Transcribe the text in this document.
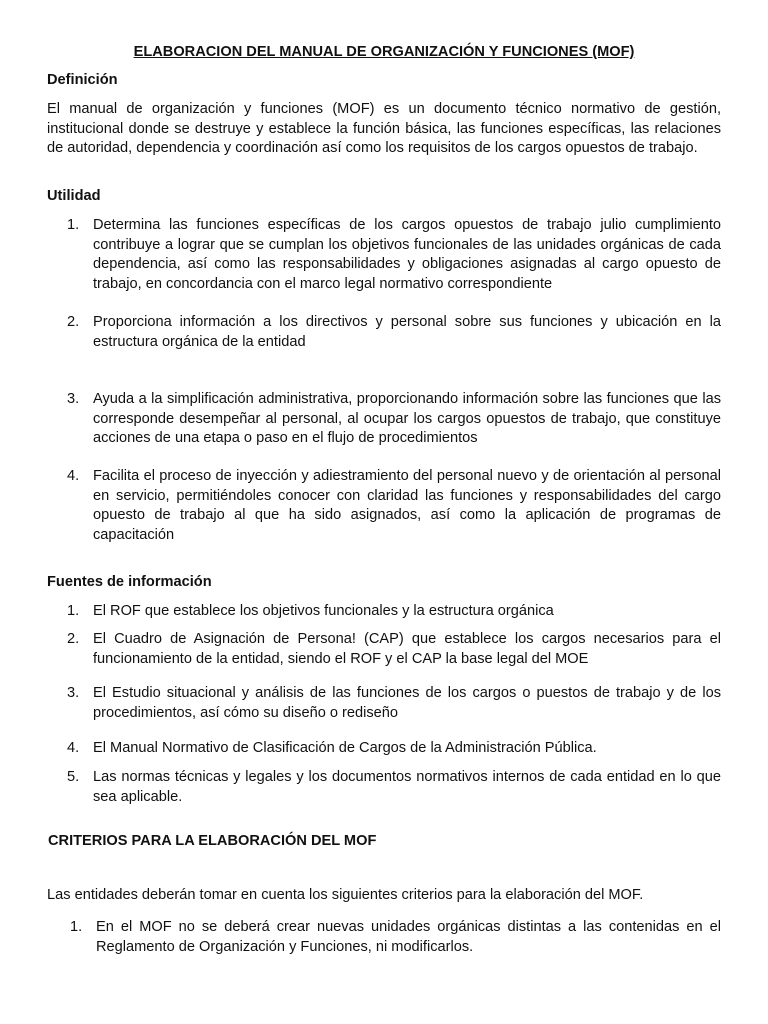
ELABORACION DEL MANUAL DE ORGANIZACIÓN Y FUNCIONES (MOF)
Definición

El manual de organización y funciones (MOF) es un documento técnico normativo de gestión, institucional donde se destruye y establece la función básica, las funciones específicas, las relaciones de autoridad, dependencia y coordinación así como los requisitos de los cargos opuestos de trabajo.

Utilidad
1. Determina las funciones específicas de los cargos opuestos de trabajo julio cumplimiento contribuye a lograr que se cumplan los objetivos funcionales de las unidades orgánicas de cada dependencia, así como las responsabilidades y obligaciones asignadas al cargo opuesto de trabajo, en concordancia con el marco legal normativo correspondiente
2. Proporciona información a los directivos y personal sobre sus funciones y ubicación en la estructura orgánica de la entidad
3. Ayuda a la simplificación administrativa, proporcionando información sobre las funciones que las corresponde desempeñar al personal, al ocupar los cargos opuestos de trabajo, que constituye acciones de una etapa o paso en el flujo de procedimientos
4. Facilita el proceso de inyección y adiestramiento del personal nuevo y de orientación al personal en servicio, permitiéndoles conocer con claridad las funciones y responsabilidades del cargo opuesto de trabajo al que ha sido asignados, así como la aplicación de programas de capacitación
Fuentes de información
1. El ROF que establece los objetivos funcionales y la estructura orgánica
2. El Cuadro de Asignación de Persona! (CAP) que establece los cargos necesarios para el funcionamiento de la entidad, siendo el ROF y el CAP la base legal del MOE
3. El Estudio situacional y análisis de las funciones de los cargos o puestos de trabajo y de los procedimientos, así cómo su diseño o rediseño
4. El Manual Normativo de Clasificación de Cargos de la Administración Pública.
5. Las normas técnicas y legales y los documentos normativos internos de cada entidad en lo que sea aplicable.
CRITERIOS PARA LA ELABORACIÓN DEL MOF

Las entidades deberán tomar en cuenta los siguientes criterios para la elaboración del MOF.

1. En el MOF no se deberá crear nuevas unidades orgánicas distintas a las contenidas en el Reglamento de Organización y Funciones, ni modificarlos.
